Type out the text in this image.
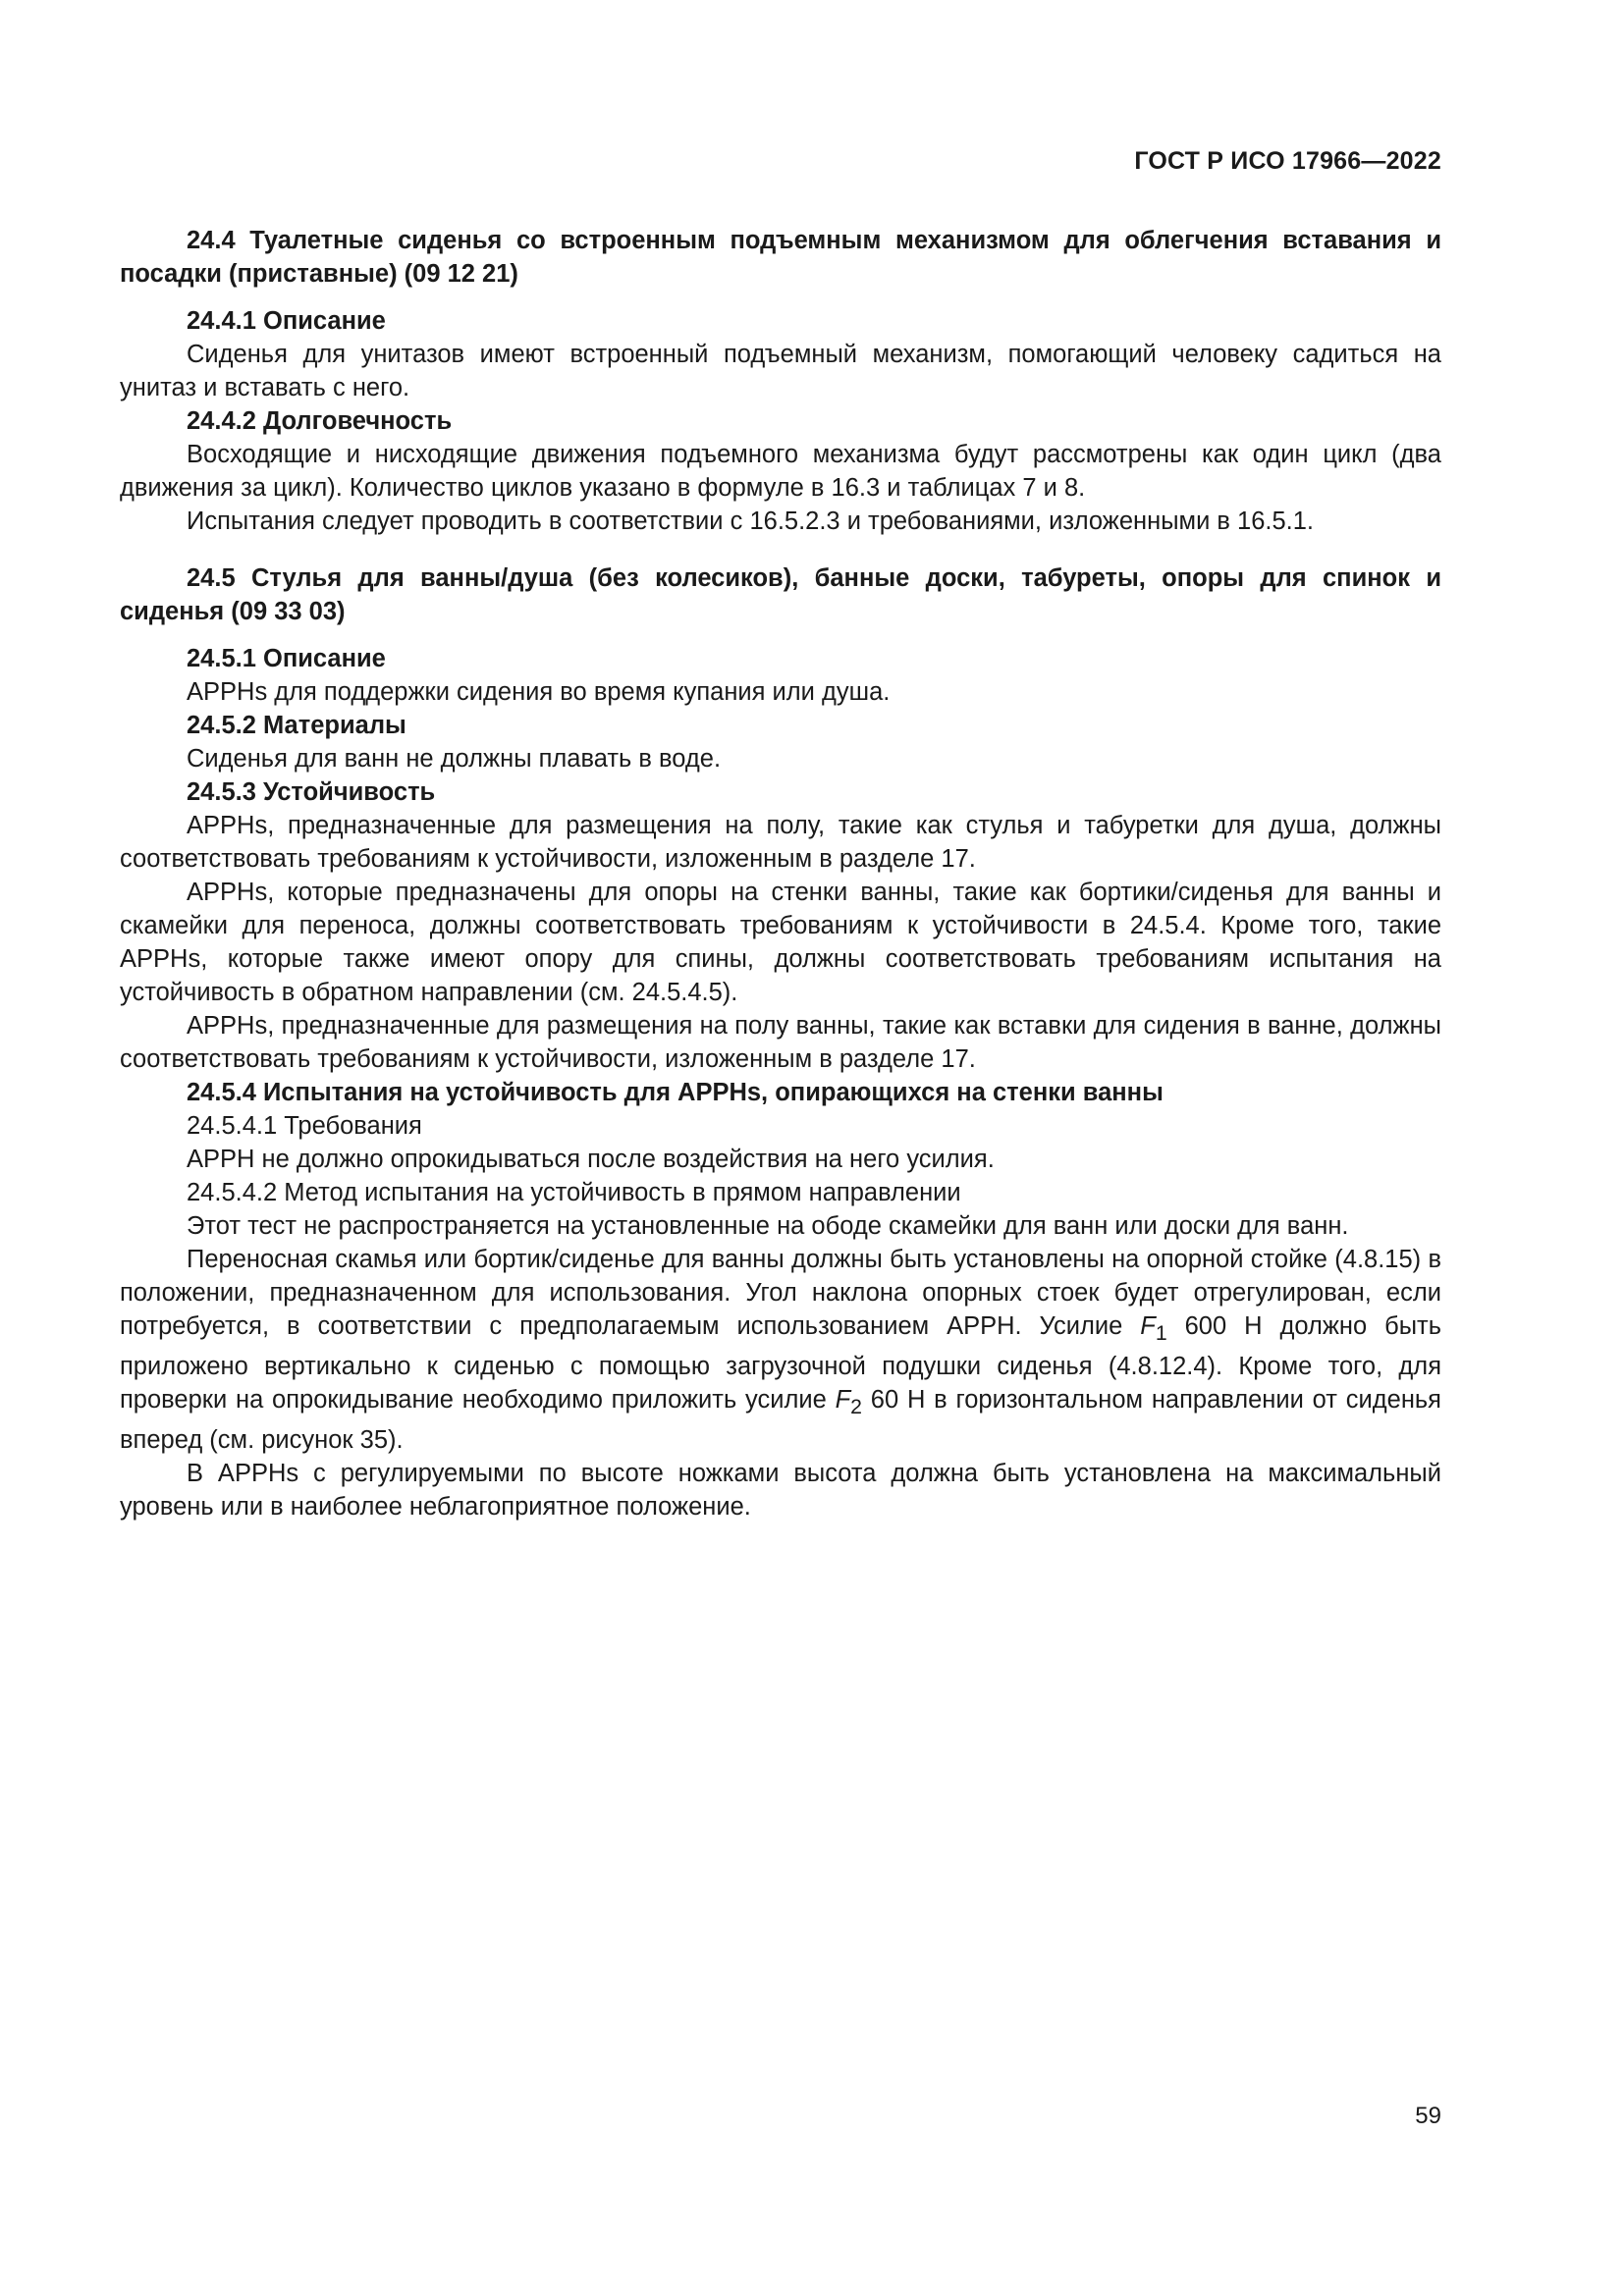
ГОСТ Р ИСО 17966—2022

24.4 Туалетные сиденья со встроенным подъемным механизмом для облегчения вставания и посадки (приставные) (09 12 21)

24.4.1 Описание

Сиденья для унитазов имеют встроенный подъемный механизм, помогающий человеку садиться на унитаз и вставать с него.

24.4.2 Долговечность

Восходящие и нисходящие движения подъемного механизма будут рассмотрены как один цикл (два движения за цикл). Количество циклов указано в формуле в 16.3 и таблицах 7 и 8.

Испытания следует проводить в соответствии с 16.5.2.3 и требованиями, изложенными в 16.5.1.

24.5 Стулья для ванны/душа (без колесиков), банные доски, табуреты, опоры для спинок и сиденья (09 33 03)

24.5.1 Описание

APPHs для поддержки сидения во время купания или душа.

24.5.2 Материалы

Сиденья для ванн не должны плавать в воде.

24.5.3 Устойчивость

APPHs, предназначенные для размещения на полу, такие как стулья и табуретки для душа, должны соответствовать требованиям к устойчивости, изложенным в разделе 17.

APPHs, которые предназначены для опоры на стенки ванны, такие как бортики/сиденья для ванны и скамейки для переноса, должны соответствовать требованиям к устойчивости в 24.5.4. Кроме того, такие APPHs, которые также имеют опору для спины, должны соответствовать требованиям испытания на устойчивость в обратном направлении (см. 24.5.4.5).

APPHs, предназначенные для размещения на полу ванны, такие как вставки для сидения в ванне, должны соответствовать требованиям к устойчивости, изложенным в разделе 17.

24.5.4 Испытания на устойчивость для APPHs, опирающихся на стенки ванны

24.5.4.1 Требования

APPH не должно опрокидываться после воздействия на него усилия.

24.5.4.2 Метод испытания на устойчивость в прямом направлении

Этот тест не распространяется на установленные на ободе скамейки для ванн или доски для ванн.

Переносная скамья или бортик/сиденье для ванны должны быть установлены на опорной стойке (4.8.15) в положении, предназначенном для использования. Угол наклона опорных стоек будет отрегулирован, если потребуется, в соответствии с предполагаемым использованием APPH. Усилие $F_1$ 600 Н должно быть приложено вертикально к сиденью с помощью загрузочной подушки сиденья (4.8.12.4). Кроме того, для проверки на опрокидывание необходимо приложить усилие $F_2$ 60 Н в горизонтальном направлении от сиденья вперед (см. рисунок 35).

В APPHs с регулируемыми по высоте ножками высота должна быть установлена на максимальный уровень или в наиболее неблагоприятное положение.

59
